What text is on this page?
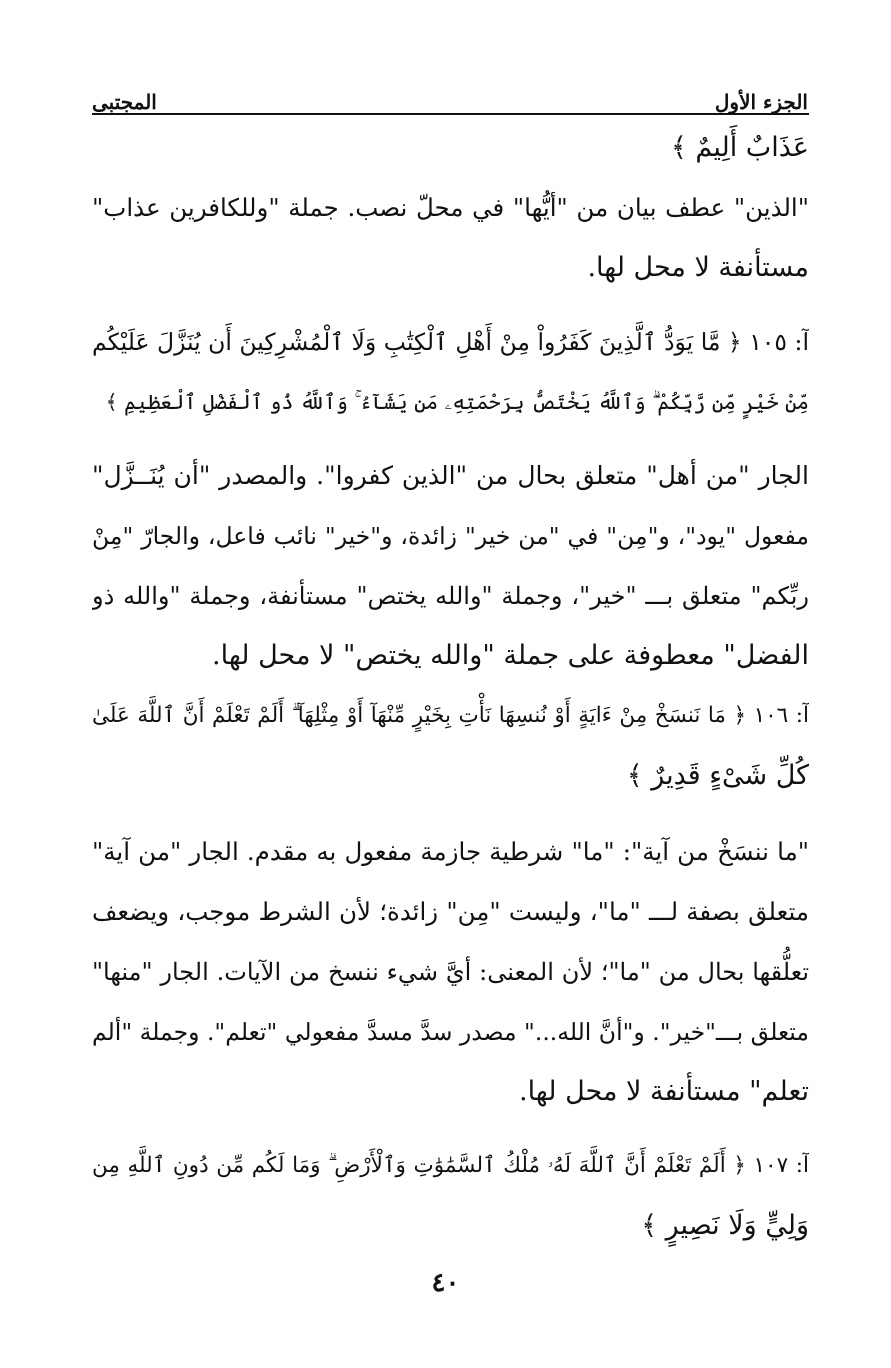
الجزء الأول
المجتبى
عَذَابٌ أَلِيمٌ ﴾
"الذين" عطف بيان من "أيُّها" في محلّ نصب. جملة "وللكافرين عذاب"
مستأنفة لا محل لها.
آ: ١٠٥ ﴿ مَّا يَوَدُّ ٱلَّذِينَ كَفَرُواْ مِنْ أَهْلِ ٱلْكِتَٰبِ وَلَا ٱلْمُشْرِكِينَ أَن يُنَزَّلَ عَلَيْكُم
مِّنْ خَيْرٍ مِّن رَّبِّكُمْ ۗ وَٱللَّهُ يَخْتَصُّ بِرَحْمَتِهِۦ مَن يَشَآءُ ۚ وَٱللَّهُ ذُو ٱلْفَضْلِ ٱلْعَظِيمِ ﴾
الجار "من أهل" متعلق بحال من "الذين كفروا". والمصدر "أن يُنَــزَّل"
مفعول "يود"، و"مِن" في "من خير" زائدة، و"خير" نائب فاعل، والجارّ "مِنْ
ربِّكم" متعلق بـــ "خير"، وجملة "والله يختص" مستأنفة، وجملة "والله ذو
الفضل" معطوفة على جملة "والله يختص" لا محل لها.
آ: ١٠٦ ﴿ مَا نَنسَخْ مِنْ ءَايَةٍ أَوْ نُنسِهَا نَأْتِ بِخَيْرٍ مِّنْهَآ أَوْ مِثْلِهَآ ۗ أَلَمْ تَعْلَمْ أَنَّ ٱللَّهَ عَلَىٰ
كُلِّ شَىْءٍ قَدِيرٌ ﴾
"ما ننسَخْ من آية": "ما" شرطية جازمة مفعول به مقدم. الجار "من آية"
متعلق بصفة لـــ "ما"، وليست "مِن" زائدة؛ لأن الشرط موجب، ويضعف
تعلُّقها بحال من "ما"؛ لأن المعنى: أيَّ شيء ننسخ من الآيات. الجار "منها"
متعلق بـــ"خير". و"أنَّ الله..." مصدر سدَّ مسدَّ مفعولي "تعلم". وجملة "ألم
تعلم" مستأنفة لا محل لها.
آ: ١٠٧ ﴿ أَلَمْ تَعْلَمْ أَنَّ ٱللَّهَ لَهُۥ مُلْكُ ٱلسَّمَٰوَٰتِ وَٱلْأَرْضِ ۗ وَمَا لَكُم مِّن دُونِ ٱللَّهِ مِن
وَلِيٍّ وَلَا نَصِيرٍ ﴾
٤٠
